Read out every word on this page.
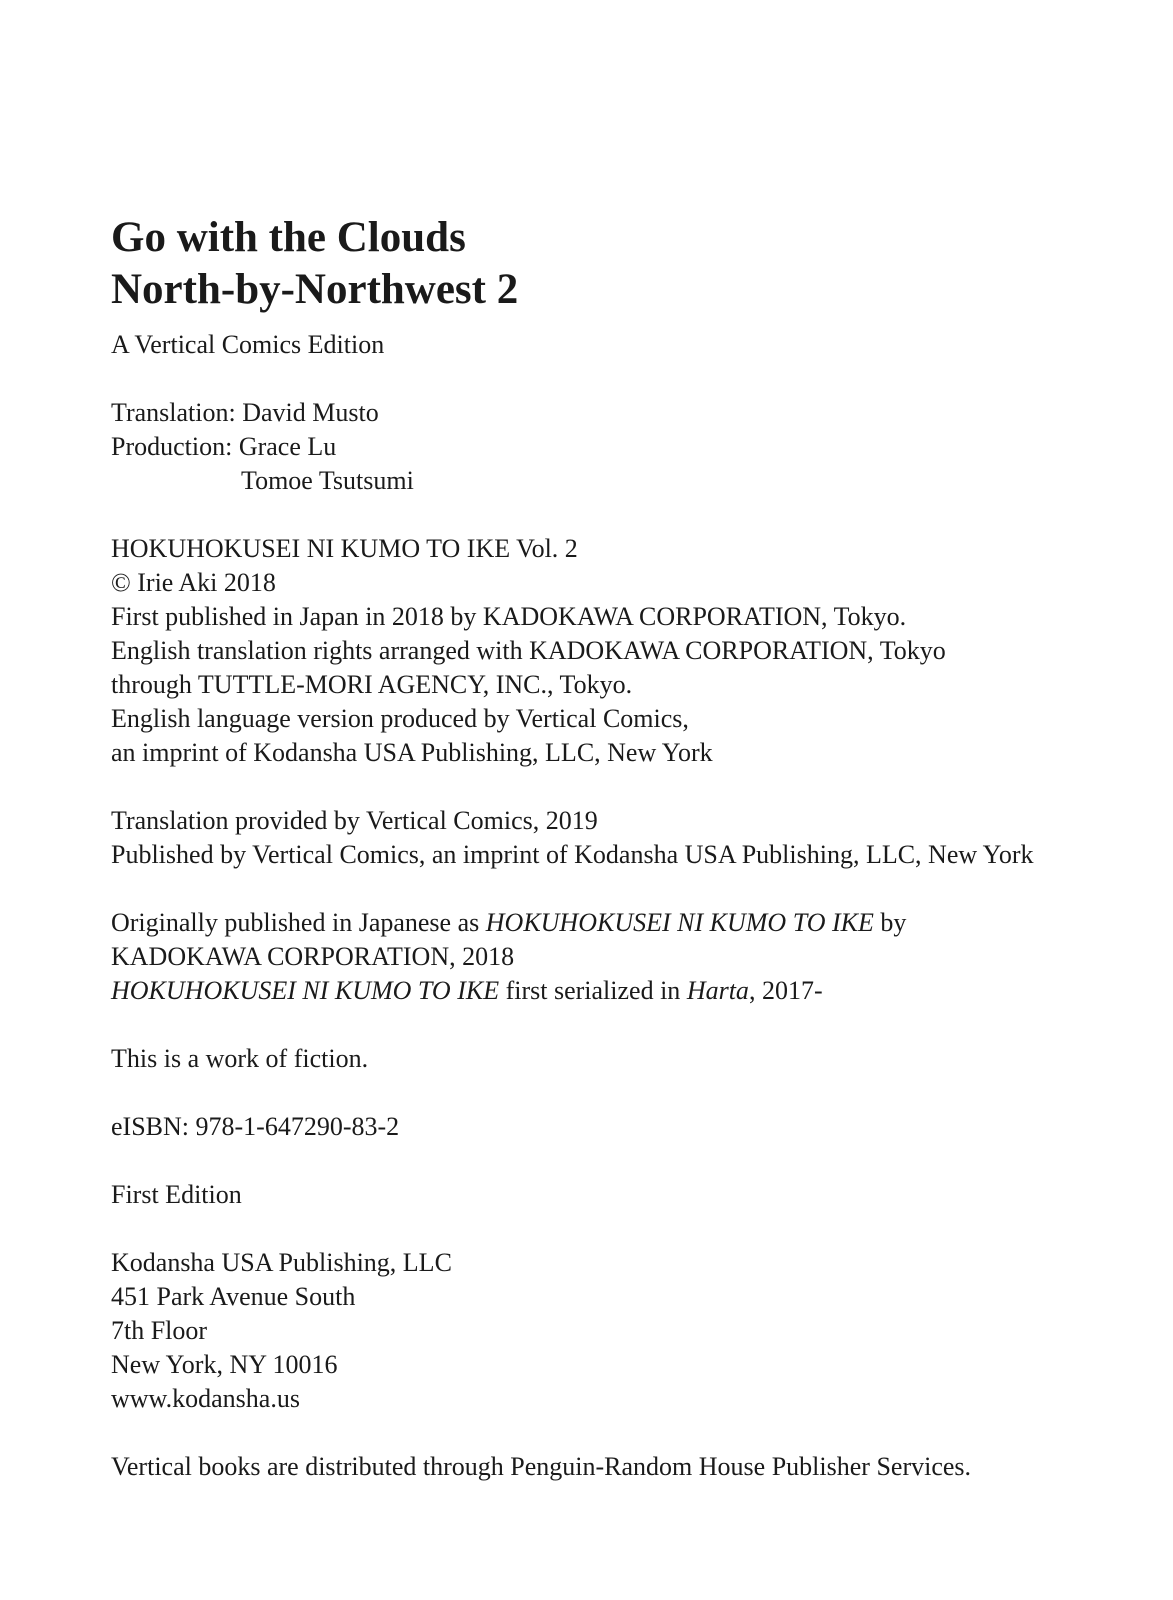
Go with the Clouds
North-by-Northwest 2
A Vertical Comics Edition
Translation: David Musto
Production: Grace Lu
Tomoe Tsutsumi
HOKUHOKUSEI NI KUMO TO IKE Vol. 2
© Irie Aki 2018
First published in Japan in 2018 by KADOKAWA CORPORATION, Tokyo.
English translation rights arranged with KADOKAWA CORPORATION, Tokyo
through TUTTLE-MORI AGENCY, INC., Tokyo.
English language version produced by Vertical Comics,
an imprint of Kodansha USA Publishing, LLC, New York
Translation provided by Vertical Comics, 2019
Published by Vertical Comics, an imprint of Kodansha USA Publishing, LLC, New York
Originally published in Japanese as HOKUHOKUSEI NI KUMO TO IKE by
KADOKAWA CORPORATION, 2018
HOKUHOKUSEI NI KUMO TO IKE first serialized in Harta, 2017-
This is a work of fiction.
eISBN: 978-1-647290-83-2
First Edition
Kodansha USA Publishing, LLC
451 Park Avenue South
7th Floor
New York, NY 10016
www.kodansha.us
Vertical books are distributed through Penguin-Random House Publisher Services.
